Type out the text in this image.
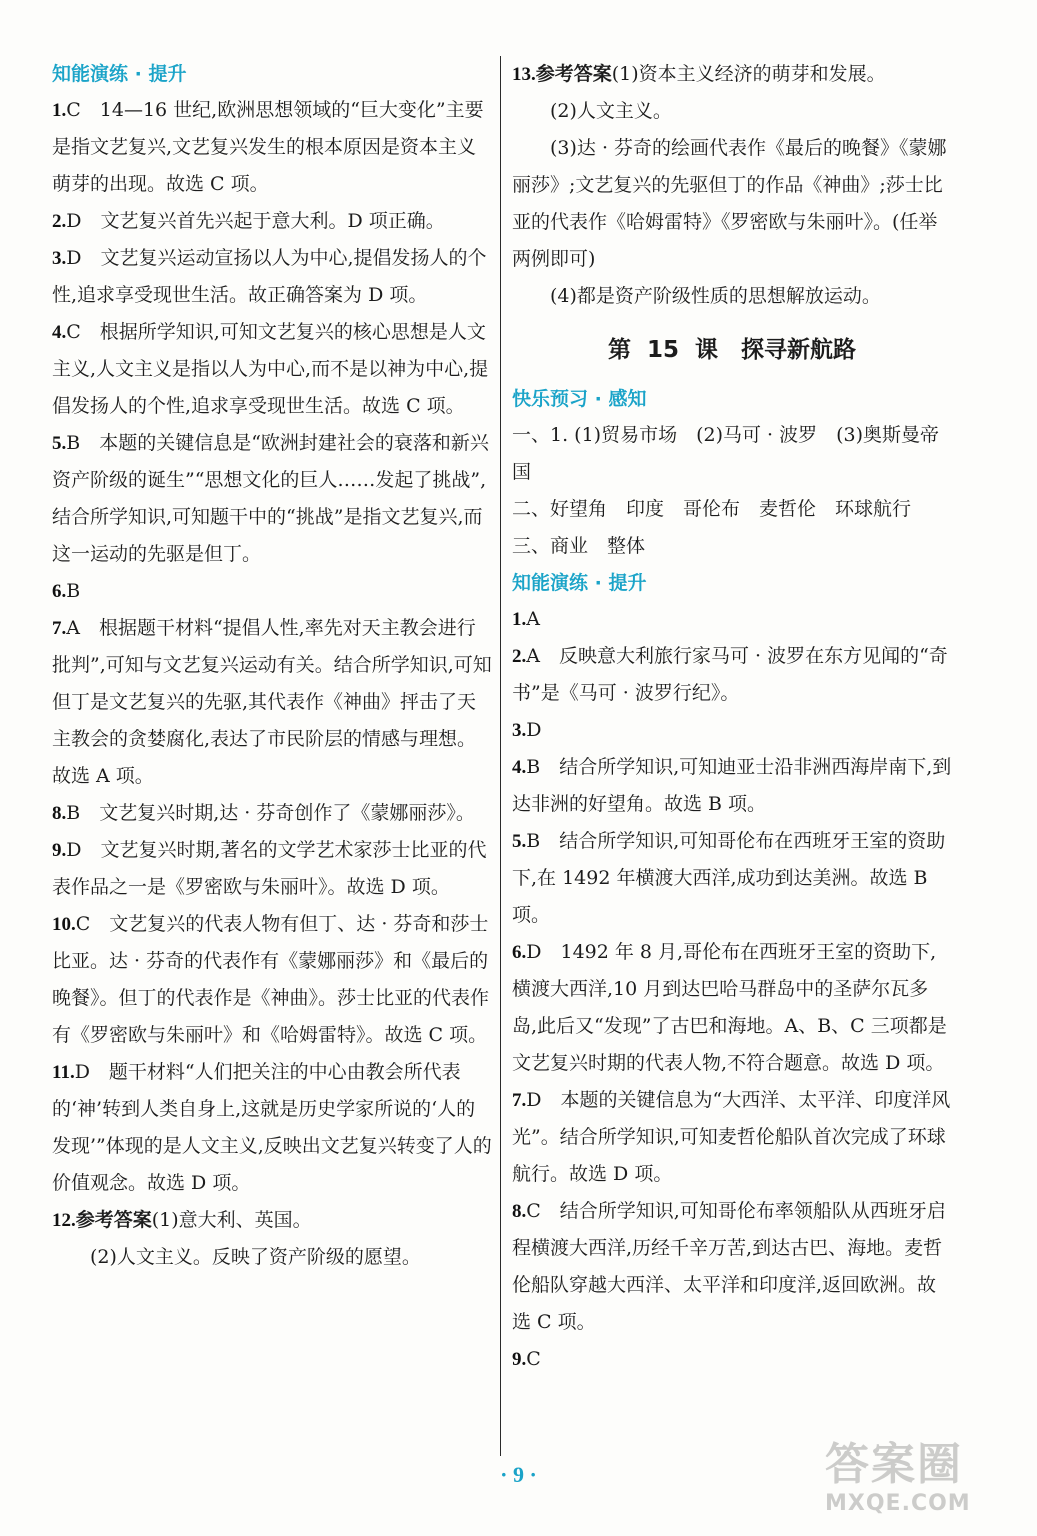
知能演练 · 提升
1.C　14—16 世纪,欧洲思想领域的“巨大变化”主要是指文艺复兴,文艺复兴发生的根本原因是资本主义萌芽的出现。故选 C 项。
2.D　文艺复兴首先兴起于意大利。D 项正确。
3.D　文艺复兴运动宣扬以人为中心,提倡发扬人的个性,追求享受现世生活。故正确答案为 D 项。
4.C　根据所学知识,可知文艺复兴的核心思想是人文主义,人文主义是指以人为中心,而不是以神为中心,提倡发扬人的个性,追求享受现世生活。故选 C 项。
5.B　本题的关键信息是“欧洲封建社会的衰落和新兴资产阶级的诞生”“思想文化的巨人……发起了挑战”,结合所学知识,可知题干中的“挑战”是指文艺复兴,而这一运动的先驱是但丁。
6.B
7.A　根据题干材料“提倡人性,率先对天主教会进行批判”,可知与文艺复兴运动有关。结合所学知识,可知但丁是文艺复兴的先驱,其代表作《神曲》抨击了天主教会的贪婪腐化,表达了市民阶层的情感与理想。故选 A 项。
8.B　文艺复兴时期,达 · 芬奇创作了《蒙娜丽莎》。
9.D　文艺复兴时期,著名的文学艺术家莎士比亚的代表作品之一是《罗密欧与朱丽叶》。故选 D 项。
10.C　文艺复兴的代表人物有但丁、达 · 芬奇和莎士比亚。达 · 芬奇的代表作有《蒙娜丽莎》和《最后的晚餐》。但丁的代表作是《神曲》。莎士比亚的代表作有《罗密欧与朱丽叶》和《哈姆雷特》。故选 C 项。
11.D　题干材料“人们把关注的中心由教会所代表的‘神’转到人类自身上,这就是历史学家所说的‘人的发现’”体现的是人文主义,反映出文艺复兴转变了人的价值观念。故选 D 项。
12.参考答案(1)意大利、英国。
(2)人文主义。反映了资产阶级的愿望。
13.参考答案(1)资本主义经济的萌芽和发展。
(2)人文主义。
(3)达 · 芬奇的绘画代表作《最后的晚餐》《蒙娜丽莎》;文艺复兴的先驱但丁的作品《神曲》;莎士比亚的代表作《哈姆雷特》《罗密欧与朱丽叶》。(任举两例即可)
(4)都是资产阶级性质的思想解放运动。
第 15 课　探寻新航路
快乐预习 · 感知
一、1. (1)贸易市场　(2)马可 · 波罗　(3)奥斯曼帝国
二、好望角　印度　哥伦布　麦哲伦　环球航行
三、商业　整体
知能演练 · 提升
1.A
2.A　反映意大利旅行家马可 · 波罗在东方见闻的“奇书”是《马可 · 波罗行纪》。
3.D
4.B　结合所学知识,可知迪亚士沿非洲西海岸南下,到达非洲的好望角。故选 B 项。
5.B　结合所学知识,可知哥伦布在西班牙王室的资助下,在 1492 年横渡大西洋,成功到达美洲。故选 B 项。
6.D　1492 年 8 月,哥伦布在西班牙王室的资助下,横渡大西洋,10 月到达巴哈马群岛中的圣萨尔瓦多岛,此后又“发现”了古巴和海地。A、B、C 三项都是文艺复兴时期的代表人物,不符合题意。故选 D 项。
7.D　本题的关键信息为“大西洋、太平洋、印度洋风光”。结合所学知识,可知麦哲伦船队首次完成了环球航行。故选 D 项。
8.C　结合所学知识,可知哥伦布率领船队从西班牙启程横渡大西洋,历经千辛万苦,到达古巴、海地。麦哲伦船队穿越大西洋、太平洋和印度洋,返回欧洲。故选 C 项。
9.C
· 9 ·	答案圈
MXQE.COM
